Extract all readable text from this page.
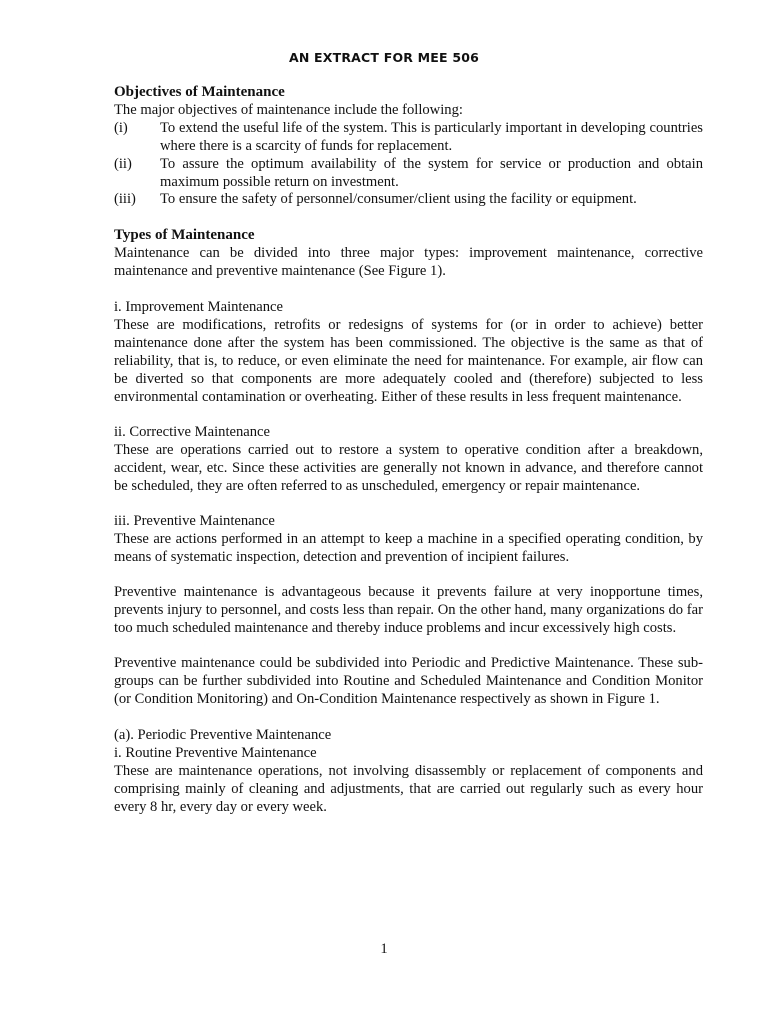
AN EXTRACT FOR MEE 506
Objectives of Maintenance

The major objectives of maintenance include the following:

(i) To extend the useful life of the system. This is particularly important in developing countries where there is a scarcity of funds for replacement.

(ii) To assure the optimum availability of the system for service or production and obtain maximum possible return on investment.

(iii) To ensure the safety of personnel/consumer/client using the facility or equipment.

Types of Maintenance

Maintenance can be divided into three major types: improvement maintenance, corrective maintenance and preventive maintenance (See Figure 1).

i. Improvement Maintenance

These are modifications, retrofits or redesigns of systems for (or in order to achieve) better maintenance done after the system has been commissioned. The objective is the same as that of reliability, that is, to reduce, or even eliminate the need for maintenance. For example, air flow can be diverted so that components are more adequately cooled and (therefore) subjected to less environmental contamination or overheating. Either of these results in less frequent maintenance.

ii. Corrective Maintenance

These are operations carried out to restore a system to operative condition after a breakdown, accident, wear, etc. Since these activities are generally not known in advance, and therefore cannot be scheduled, they are often referred to as unscheduled, emergency or repair maintenance.

iii. Preventive Maintenance

These are actions performed in an attempt to keep a machine in a specified operating condition, by means of systematic inspection, detection and prevention of incipient failures.

Preventive maintenance is advantageous because it prevents failure at very inopportune times, prevents injury to personnel, and costs less than repair. On the other hand, many organizations do far too much scheduled maintenance and thereby induce problems and incur excessively high costs.

Preventive maintenance could be subdivided into Periodic and Predictive Maintenance. These sub-groups can be further subdivided into Routine and Scheduled Maintenance and Condition Monitor (or Condition Monitoring) and On-Condition Maintenance respectively as shown in Figure 1.

(a). Periodic Preventive Maintenance
i. Routine Preventive Maintenance

These are maintenance operations, not involving disassembly or replacement of components and comprising mainly of cleaning and adjustments, that are carried out regularly such as every hour every 8 hr, every day or every week.

1
